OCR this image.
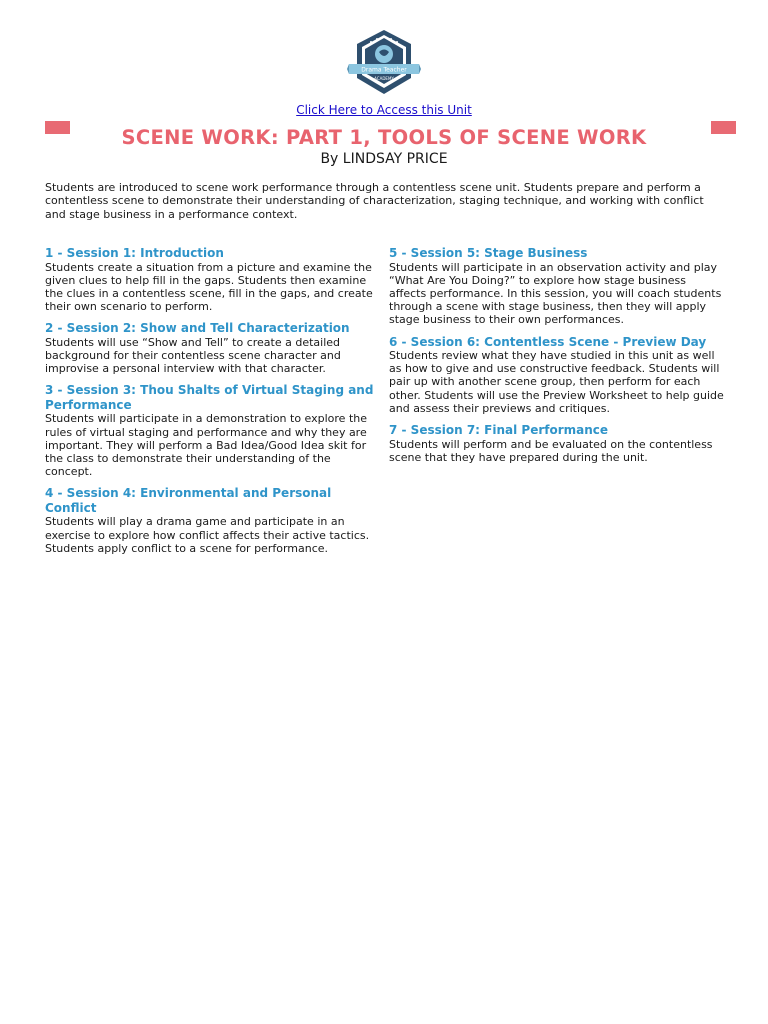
Drama Teacher
ACADEMY
Click Here to Access this Unit
SCENE WORK: PART 1, TOOLS OF SCENE WORK
By LINDSAY PRICE

Students are introduced to scene work performance through a contentless scene unit. Students prepare and perform a contentless scene to demonstrate their understanding of characterization, staging technique, and working with conflict and stage business in a performance context.

1 - Session 1: Introduction

Students create a situation from a picture and examine the given clues to help fill in the gaps. Students then examine the clues in a contentless scene, fill in the gaps, and create their own scenario to perform.

2 - Session 2: Show and Tell Characterization

Students will use “Show and Tell” to create a detailed background for their contentless scene character and improvise a personal interview with that character.

3 - Session 3: Thou Shalts of Virtual Staging and Performance

Students will participate in a demonstration to explore the rules of virtual staging and performance and why they are important. They will perform a Bad Idea/Good Idea skit for the class to demonstrate their understanding of the concept.

4 - Session 4: Environmental and Personal Conflict

Students will play a drama game and participate in an exercise to explore how conflict affects their active tactics. Students apply conflict to a scene for performance.

5 - Session 5: Stage Business

Students will participate in an observation activity and play “What Are You Doing?” to explore how stage business affects performance. In this session, you will coach students through a scene with stage business, then they will apply stage business to their own performances.

6 - Session 6: Contentless Scene - Preview Day

Students review what they have studied in this unit as well as how to give and use constructive feedback. Students will pair up with another scene group, then perform for each other. Students will use the Preview Worksheet to help guide and assess their previews and critiques.

7 - Session 7: Final Performance

Students will perform and be evaluated on the contentless scene that they have prepared during the unit.
